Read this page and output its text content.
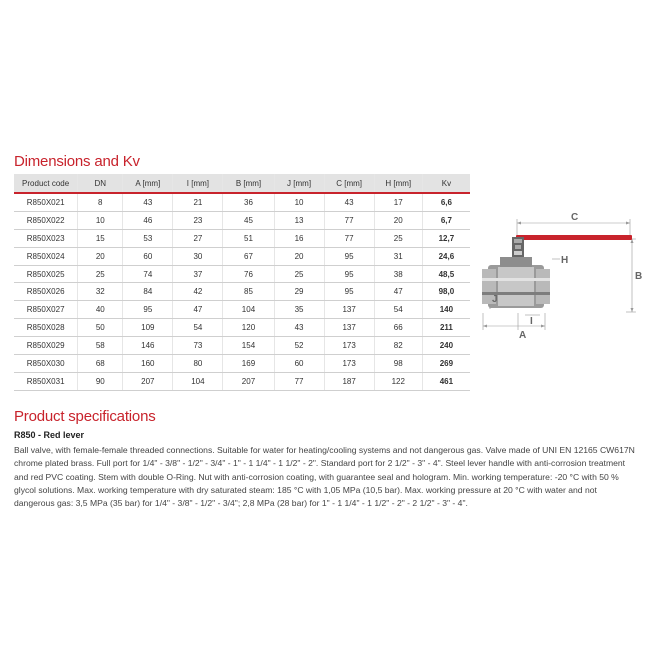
Dimensions and Kv
Product code	DN	A [mm]	I [mm]	B [mm]	J [mm]	C [mm]	H [mm]	Kv
R850X021	8	43	21	36	10	43	17	6,6
R850X022	10	46	23	45	13	77	20	6,7
R850X023	15	53	27	51	16	77	25	12,7
R850X024	20	60	30	67	20	95	31	24,6
R850X025	25	74	37	76	25	95	38	48,5
R850X026	32	84	42	85	29	95	47	98,0
R850X027	40	95	47	104	35	137	54	140
R850X028	50	109	54	120	43	137	66	211
R850X029	58	146	73	154	52	173	82	240
R850X030	68	160	80	169	60	173	98	269
R850X031	90	207	104	207	77	187	122	461
C
H
B
J
I
A
Product specifications

R850 - Red lever

Ball valve, with female-female threaded connections. Suitable for water for heating/cooling systems and not dangerous gas. Valve made of UNI EN 12165 CW617N chrome plated brass. Full port for 1/4" - 3/8" - 1/2" - 3/4" - 1" - 1 1/4" - 1 1/2" - 2". Standard port for 2 1/2" - 3" - 4". Steel lever handle with anti-corrosion treatment and red PVC coating. Stem with double O-Ring. Nut with anti-corrosion coating, with guarantee seal and hologram. Min. working temperature: -20 °C with 50 % glycol solutions. Max. working temperature with dry saturated steam: 185 °C with 1,05 MPa (10,5 bar). Max. working pressure at 20 °C with water and not dangerous gas: 3,5 MPa (35 bar) for 1/4" - 3/8" - 1/2" - 3/4"; 2,8 MPa (28 bar) for 1" - 1 1/4" - 1 1/2" - 2" - 2 1/2" - 3" - 4".
